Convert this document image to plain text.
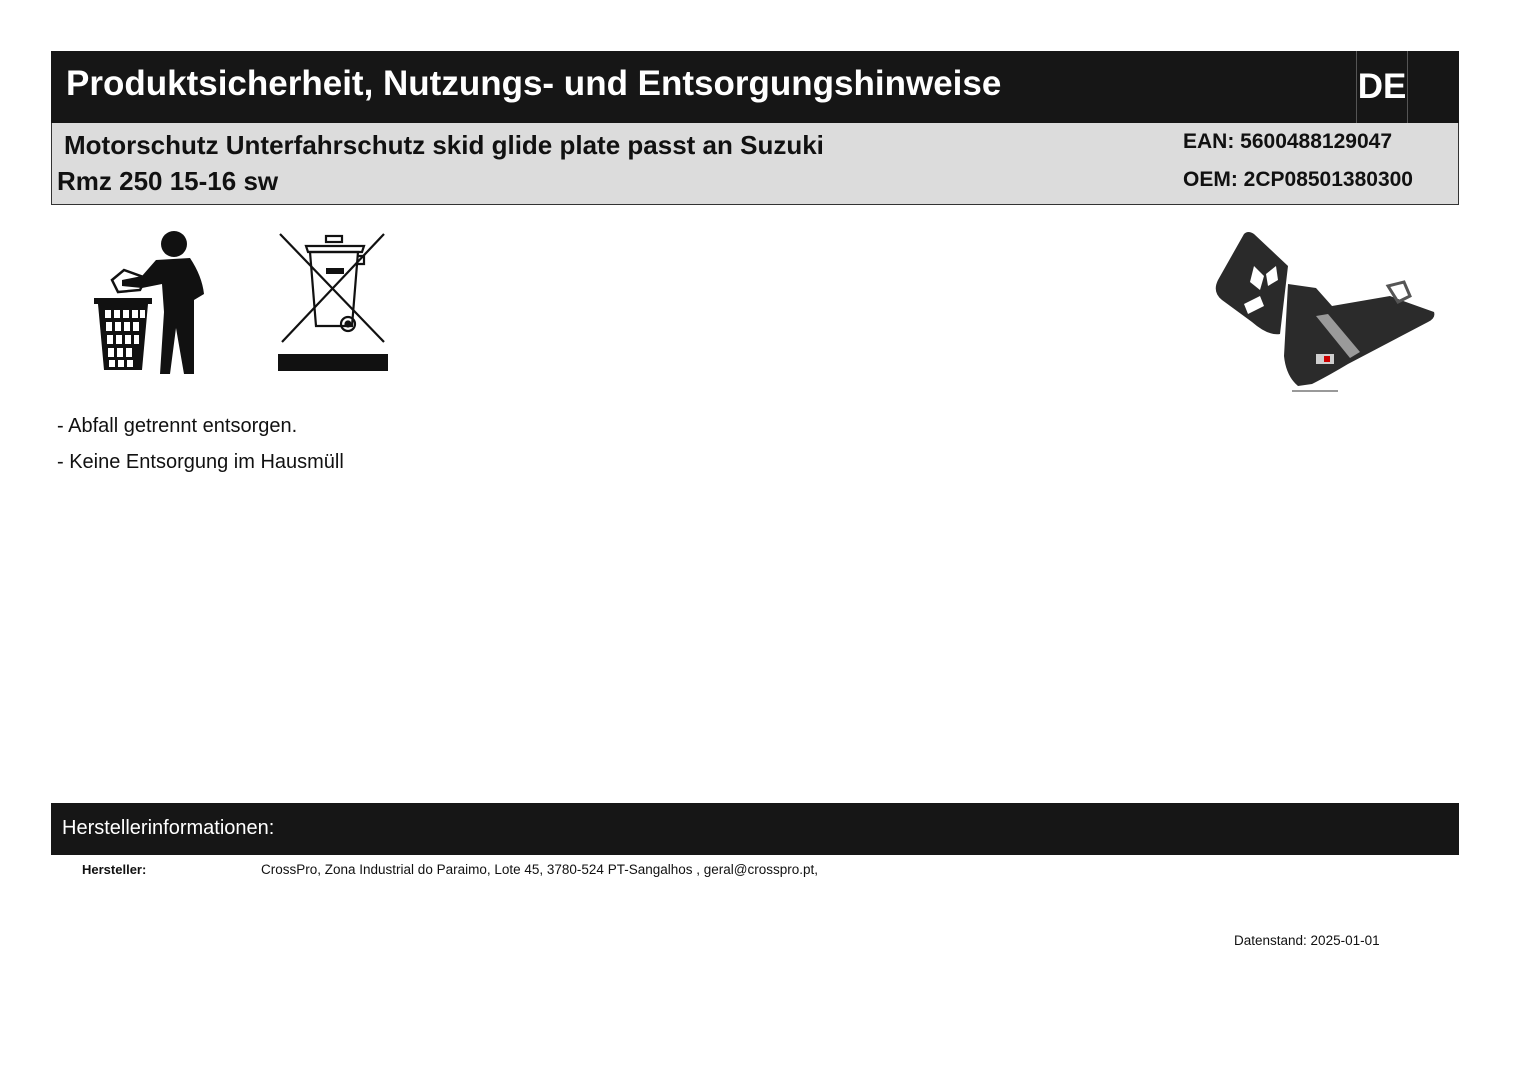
Produktsicherheit, Nutzungs- und Entsorgungshinweise	DE
Motorschutz Unterfahrschutz skid glide plate passt an Suzuki
Rmz 250 15-16 sw
EAN: 5600488129047
OEM: 2CP08501380300
- Abfall getrennt entsorgen.
- Keine Entsorgung im Hausmüll
Herstellerinformationen:
Hersteller:	CrossPro, Zona Industrial do Paraimo, Lote 45, 3780-524 PT-Sangalhos , geral@crosspro.pt,
Datenstand: 2025-01-01
